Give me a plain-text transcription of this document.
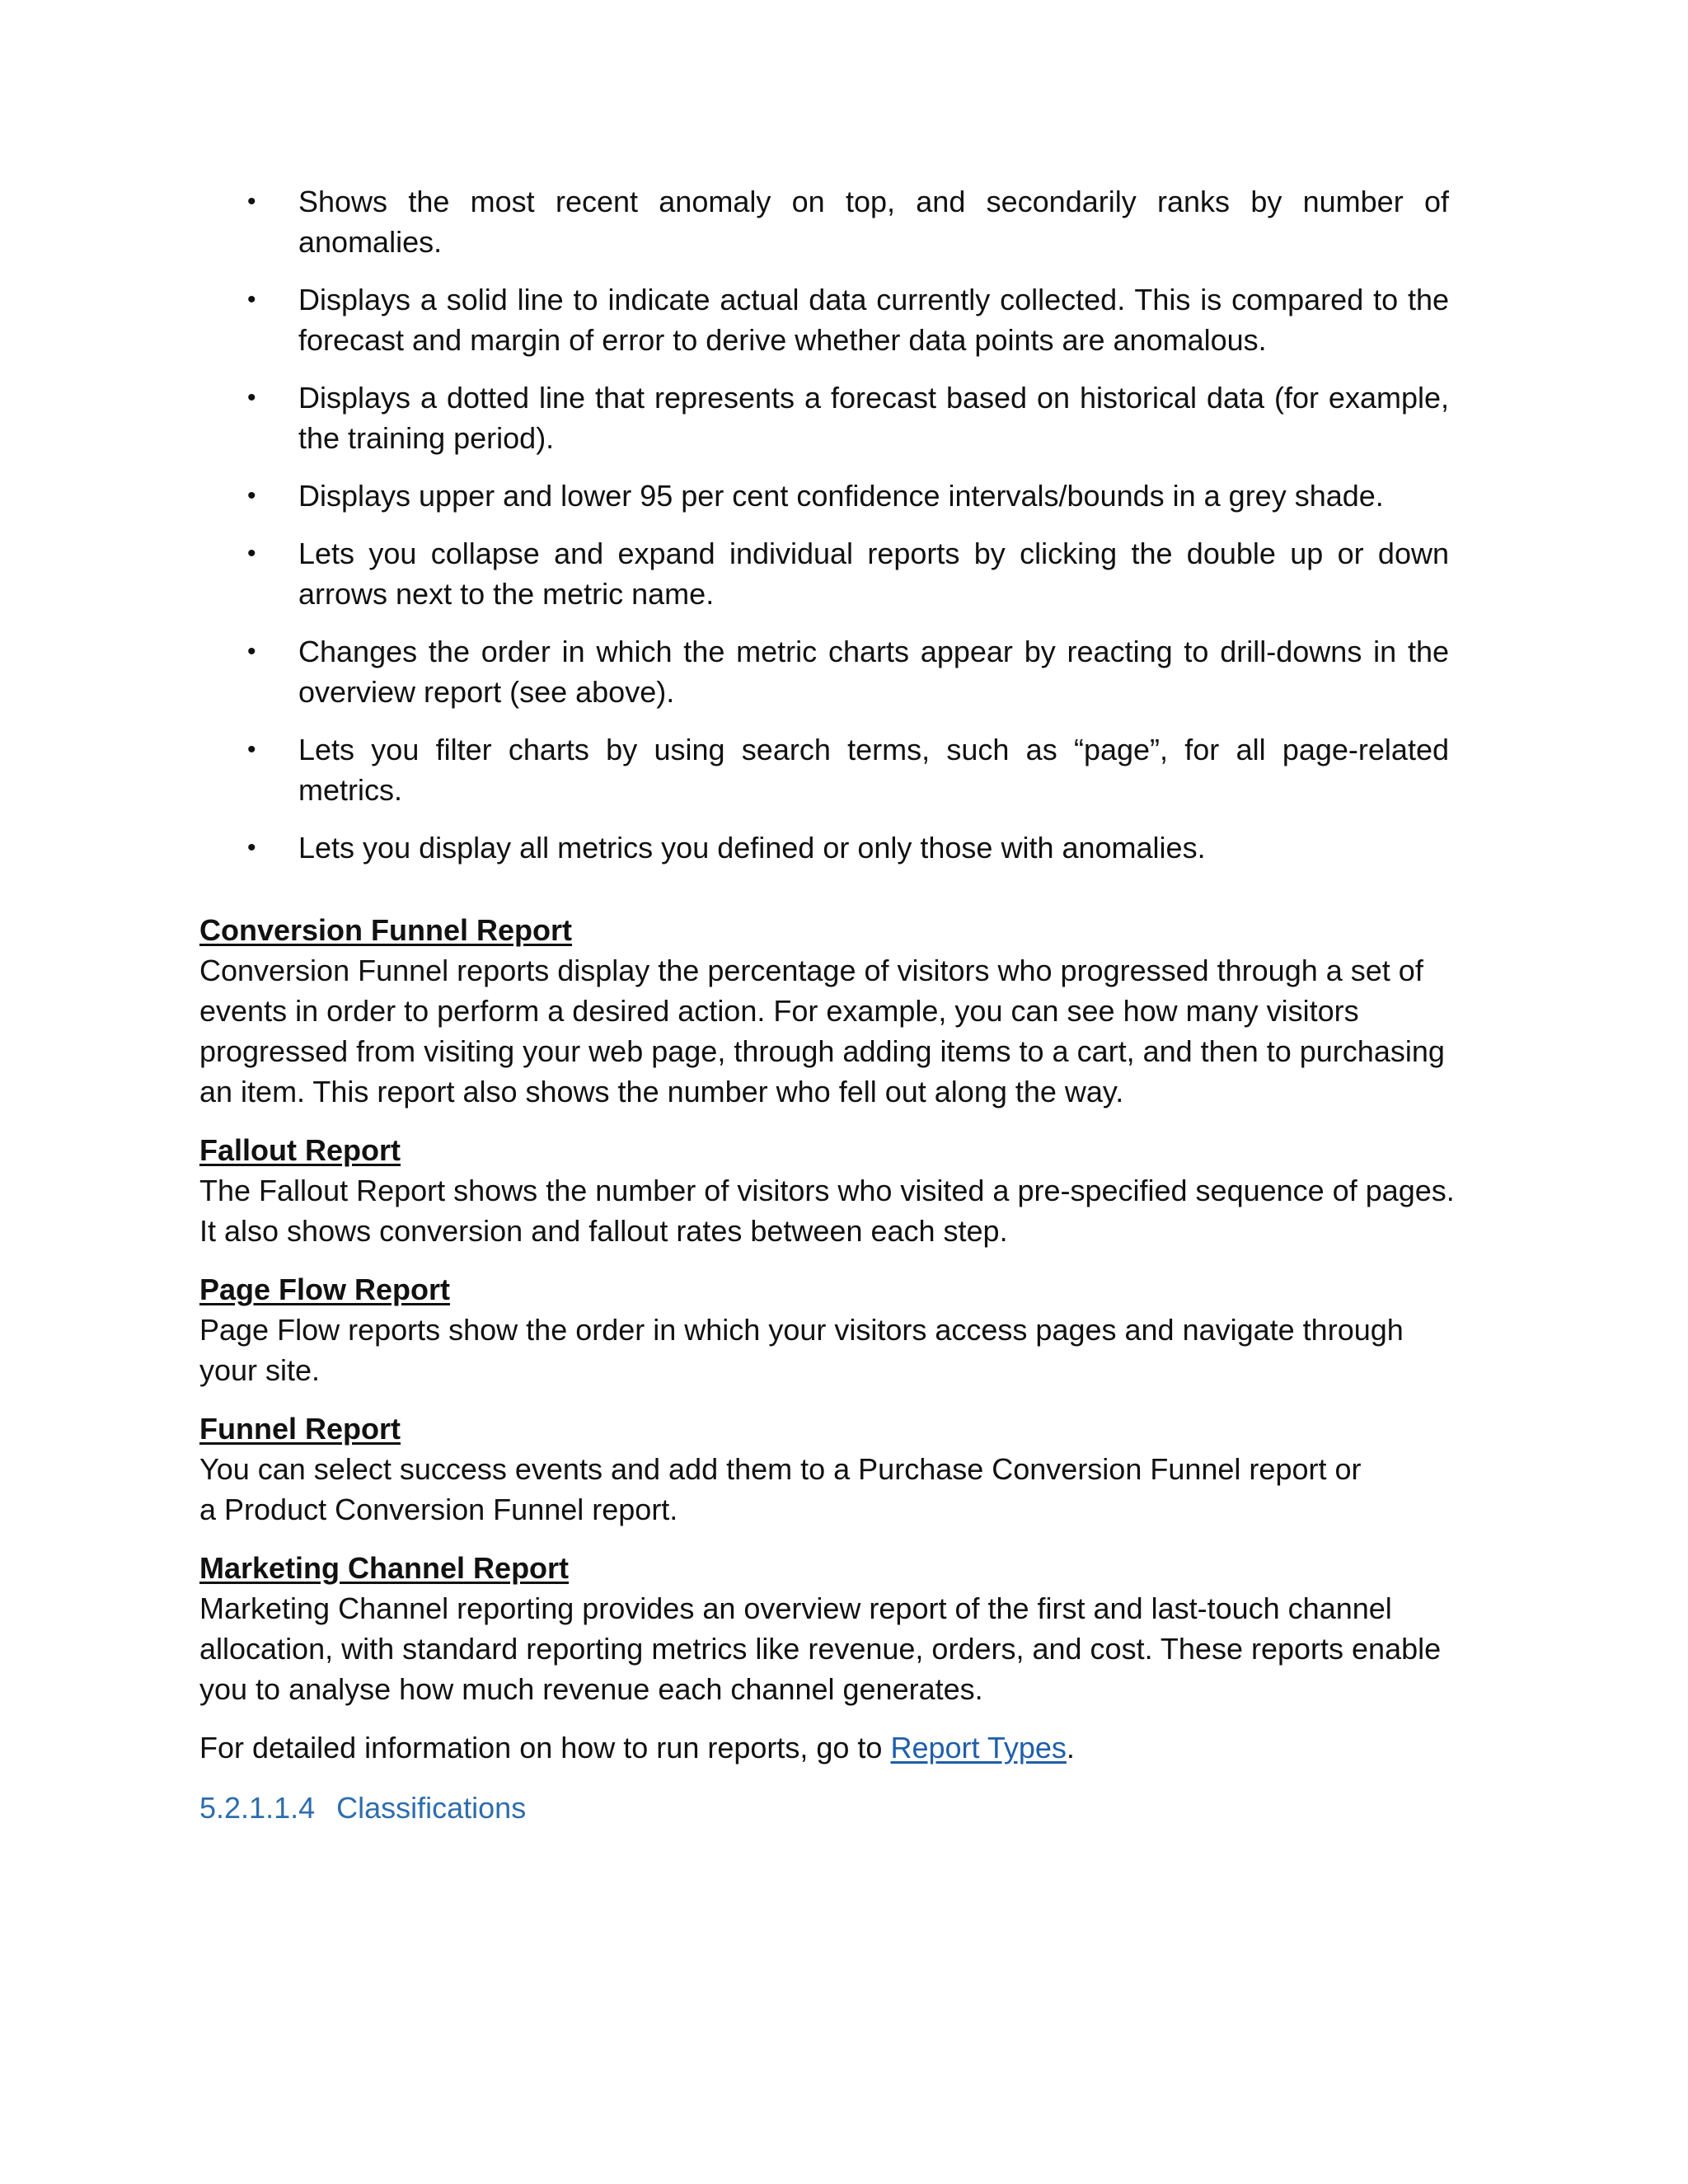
• Shows the most recent anomaly on top, and secondarily ranks by number of anomalies.
• Displays a solid line to indicate actual data currently collected. This is compared to the forecast and margin of error to derive whether data points are anomalous.
• Displays a dotted line that represents a forecast based on historical data (for example, the training period).
• Displays upper and lower 95 per cent confidence intervals/bounds in a grey shade.
• Lets you collapse and expand individual reports by clicking the double up or down arrows next to the metric name.
• Changes the order in which the metric charts appear by reacting to drill-downs in the overview report (see above).
• Lets you filter charts by using search terms, such as “page”, for all page-related metrics.
• Lets you display all metrics you defined or only those with anomalies.

Conversion Funnel Report

Conversion Funnel reports display the percentage of visitors who progressed through a set of

events in order to perform a desired action. For example, you can see how many visitors

progressed from visiting your web page, through adding items to a cart, and then to purchasing

an item. This report also shows the number who fell out along the way.

Fallout Report

The Fallout Report shows the number of visitors who visited a pre-specified sequence of pages.

It also shows conversion and fallout rates between each step.

Page Flow Report

Page Flow reports show the order in which your visitors access pages and navigate through

your site.

Funnel Report

You can select success events and add them to a Purchase Conversion Funnel report or

a Product Conversion Funnel report.

Marketing Channel Report

Marketing Channel reporting provides an overview report of the first and last-touch channel

allocation, with standard reporting metrics like revenue, orders, and cost. These reports enable

you to analyse how much revenue each channel generates.

For detailed information on how to run reports, go to Report Types.

5.2.1.1.4 Classifications
